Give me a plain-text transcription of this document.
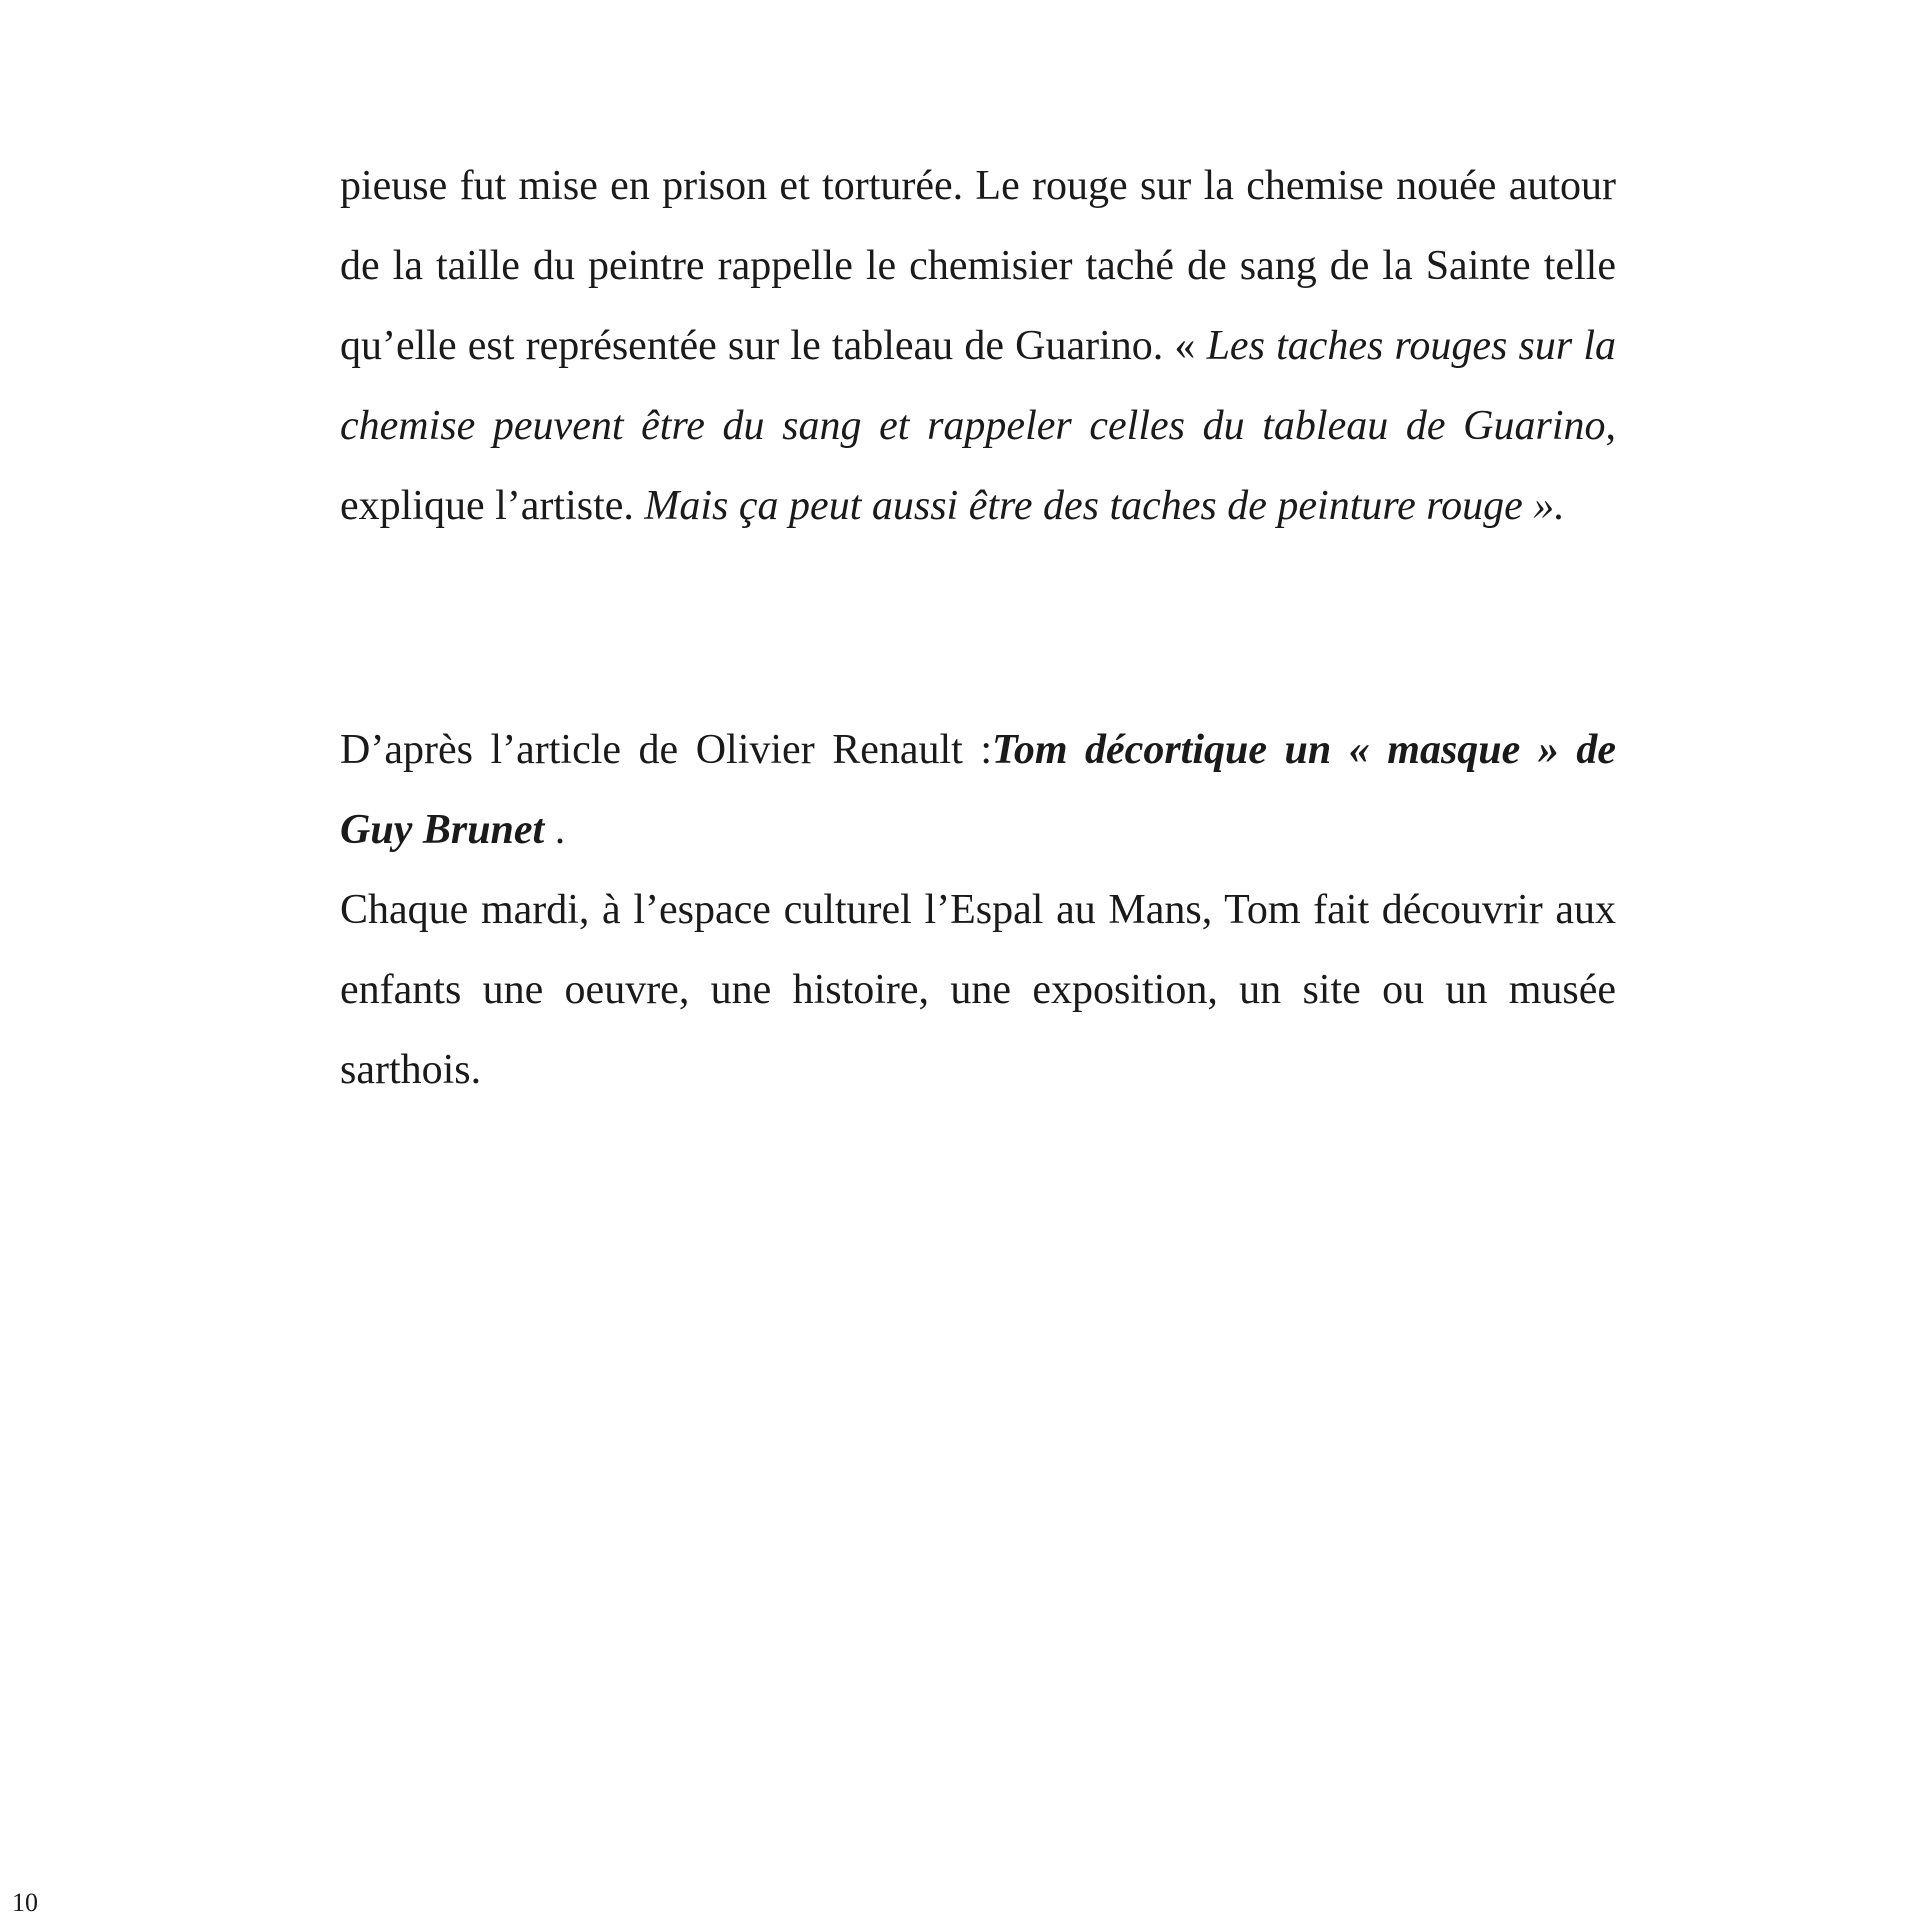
pieuse fut mise en prison et torturée. Le rouge sur la chemise nouée autour de la taille du peintre rappelle le chemisier taché de sang de la Sainte telle qu’elle est représentée sur le tableau de Guarino. « Les taches rouges sur la chemise peuvent être du sang et rappeler celles du tableau de Guarino, explique l’artiste. Mais ça peut aussi être des taches de peinture rouge ».

D’après l’article de Olivier Renault :Tom décortique un « masque » de Guy Brunet .

Chaque mardi, à l’espace culturel l’Espal au Mans, Tom fait découvrir aux enfants une oeuvre, une histoire, une exposition, un site ou un musée sarthois.

10
